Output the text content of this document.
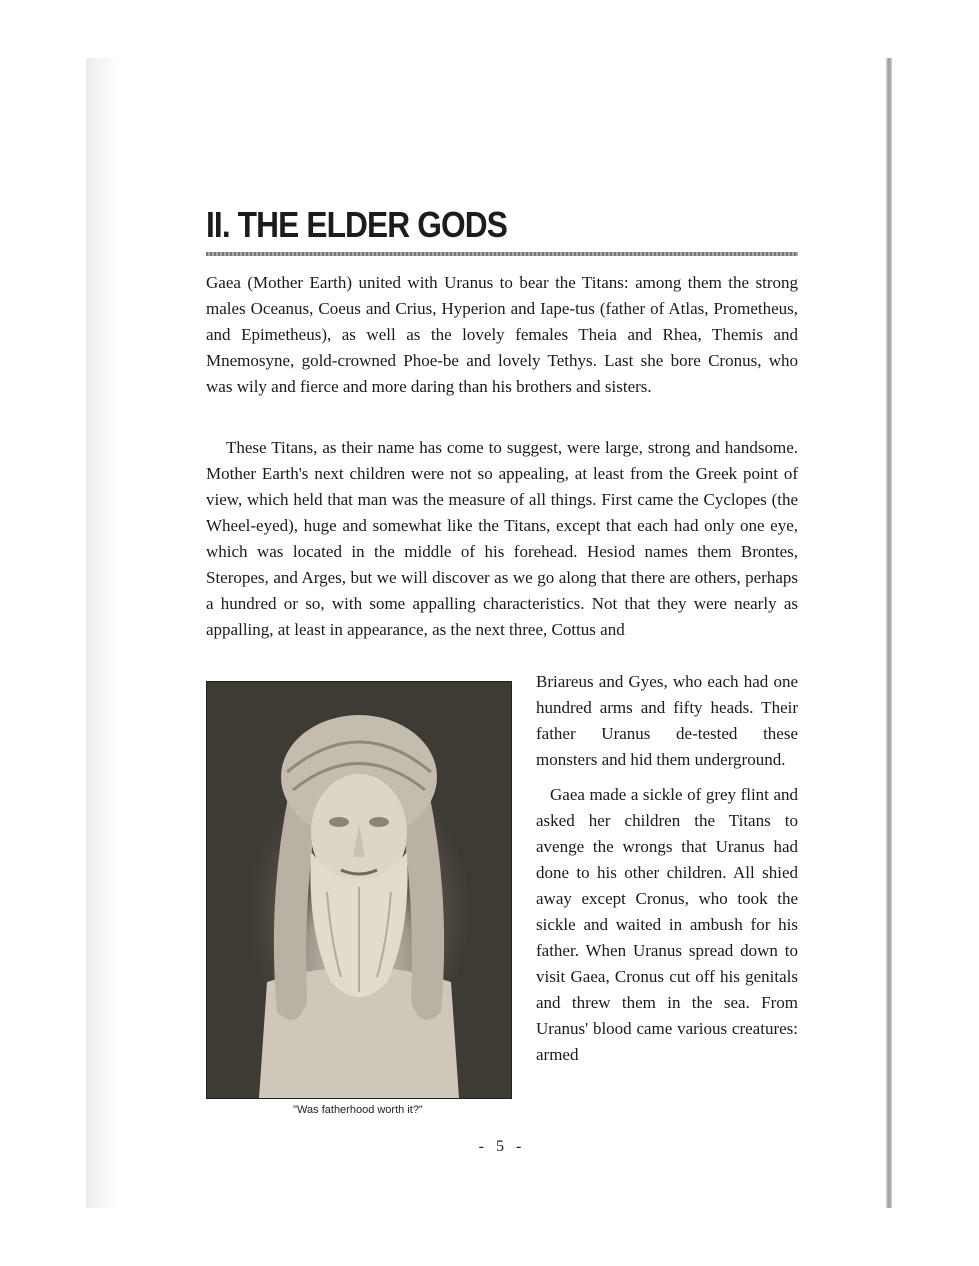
II. THE ELDER GODS

Gaea (Mother Earth) united with Uranus to bear the Titans: among them the strong males Oceanus, Coeus and Crius, Hyperion and Iape-tus (father of Atlas, Prometheus, and Epimetheus), as well as the lovely females Theia and Rhea, Themis and Mnemosyne, gold-crowned Phoe-be and lovely Tethys. Last she bore Cronus, who was wily and fierce and more daring than his brothers and sisters.

These Titans, as their name has come to suggest, were large, strong and handsome. Mother Earth's next children were not so appealing, at least from the Greek point of view, which held that man was the measure of all things. First came the Cyclopes (the Wheel-eyed), huge and somewhat like the Titans, except that each had only one eye, which was located in the middle of his forehead. Hesiod names them Brontes, Steropes, and Arges, but we will discover as we go along that there are others, perhaps a hundred or so, with some appalling characteristics. Not that they were nearly as appalling, at least in appearance, as the next three, Cottus and

"Was fatherhood worth it?"

Briareus and Gyes, who each had one hundred arms and fifty heads. Their father Uranus de-tested these monsters and hid them underground.

Gaea made a sickle of grey flint and asked her children the Titans to avenge the wrongs that Uranus had done to his other children. All shied away except Cronus, who took the sickle and waited in ambush for his father. When Uranus spread down to visit Gaea, Cronus cut off his genitals and threw them in the sea. From Uranus' blood came various creatures: armed

- 5 -
